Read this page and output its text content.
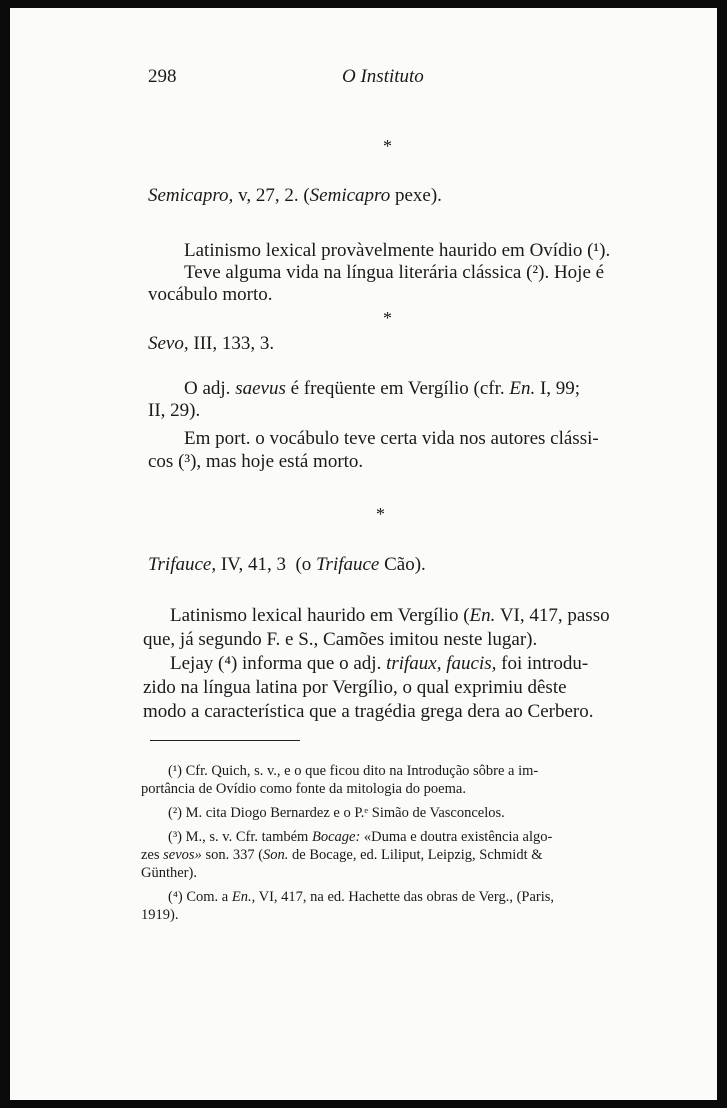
298	O Instituto
*
Semicapro, v, 27, 2. (Semicapro pexe).
Latinismo lexical provàvelmente haurido em Ovídio (¹).
Teve alguma vida na língua literária clássica (²). Hoje é
vocábulo morto.
*
Sevo, III, 133, 3.
O adj. saevus é freqüente em Vergílio (cfr. En. I, 99;
II, 29).
Em port. o vocábulo teve certa vida nos autores clássi-
cos (³), mas hoje está morto.
*
Trifauce, IV, 41, 3 (o Trifauce Cão).
Latinismo lexical haurido em Vergílio (En. VI, 417, passo
que, já segundo F. e S., Camões imitou neste lugar).
Lejay (⁴) informa que o adj. trifaux, faucis, foi introdu-
zido na língua latina por Vergílio, o qual exprimiu dêste
modo a característica que a tragédia grega dera ao Cerbero.
(¹) Cfr. Quich, s. v., e o que ficou dito na Introdução sôbre a im-
portância de Ovídio como fonte da mitologia do poema.
(²) M. cita Diogo Bernardez e o P.ᵉ Simão de Vasconcelos.
(³) M., s. v. Cfr. também Bocage: «Duma e doutra existência algo-
zes sevos» son. 337 (Son. de Bocage, ed. Liliput, Leipzig, Schmidt &
Günther).
(⁴) Com. a En., VI, 417, na ed. Hachette das obras de Verg., (Paris,
1919).
